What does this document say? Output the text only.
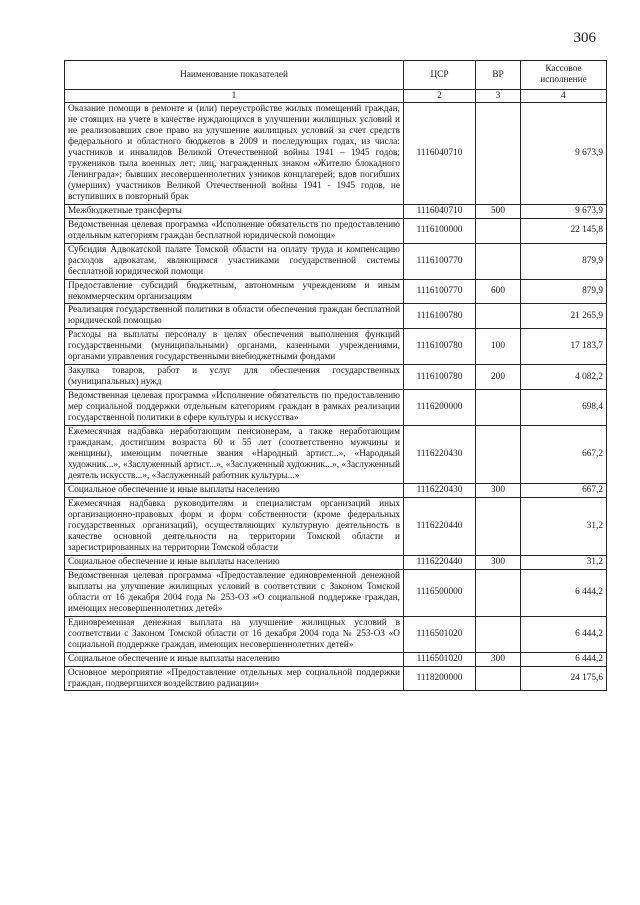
306
Наименование показателей	ЦСР	ВР	Кассовое исполнение
1	2	3	4
Оказание помощи в ремонте и (или) переустройстве жилых помещений граждан, не стоящих на учете в качестве нуждающихся в улучшении жилищных условий и не реализовавших свое право на улучшение жилищных условий за счет средств федерального и областного бюджетов в 2009 и последующих годах, из числа: участников и инвалидов Великой Отечественной войны 1941 – 1945 годов; тружеников тыла военных лет; лиц, награжденных знаком «Жителю блокадного Ленинграда»; бывших несовершеннолетних узников концлагерей; вдов погибших (умерших) участников Великой Отечественной войны 1941 - 1945 годов, не вступивших в повторный брак	1116040710		9 673,9
Межбюджетные трансферты	1116040710	500	9 673,9
Ведомственная целевая программа «Исполнение обязательств по предоставлению отдельным категориям граждан бесплатной юридической помощи»	1116100000		22 145,8
Субсидия Адвокатской палате Томской области на оплату труда и компенсацию расходов адвокатам, являющимся участниками государственной системы бесплатной юридической помощи	1116100770		879,9
Предоставление субсидий бюджетным, автономным учреждениям и иным некоммерческим организациям	1116100770	600	879,9
Реализация государственной политики в области обеспечения граждан бесплатной юридической помощью	1116100780		21 265,9
Расходы на выплаты персоналу в целях обеспечения выполнения функций государственными (муниципальными) органами, казенными учреждениями, органами управления государственными внебюджетными фондами	1116100780	100	17 183,7
Закупка товаров, работ и услуг для обеспечения государственных (муниципальных) нужд	1116100780	200	4 082,2
Ведомственная целевая программа «Исполнение обязательств по предоставлению мер социальной поддержки отдельным категориям граждан в рамках реализации государственной политики в сфере культуры и искусства»	1116200000		698,4
Ежемесячная надбавка неработающим пенсионерам, а также неработающим гражданам, достигшим возраста 60 и 55 лет (соответственно мужчины и женщины), имеющим почетные звания «Народный артист...», «Народный художник...», «Заслуженный артист...», «Заслуженный художник...», «Заслуженный деятель искусств...», «Заслуженный работник культуры...»	1116220430		667,2
Социальное обеспечение и иные выплаты населению	1116220430	300	667,2
Ежемесячная надбавка руководителям и специалистам организаций иных организационно-правовых форм и форм собственности (кроме федеральных государственных организаций), осуществляющих культурную деятельность в качестве основной деятельности на территории Томской области и зарегистрированных на территории Томской области	1116220440		31,2
Социальное обеспечение и иные выплаты населению	1116220440	300	31,2
Ведомственная целевая программа «Предоставление единовременной денежной выплаты на улучшение жилищных условий в соответствии с Законом Томской области от 16 декабря 2004 года № 253-ОЗ «О социальной поддержке граждан, имеющих несовершеннолетних детей»	1116500000		6 444,2
Единовременная денежная выплата на улучшение жилищных условий в соответствии с Законом Томской области от 16 декабря 2004 года № 253-ОЗ «О социальной поддержке граждан, имеющих несовершеннолетних детей»	1116501020		6 444,2
Социальное обеспечение и иные выплаты населению	1116501020	300	6 444,2
Основное мероприятие «Предоставление отдельных мер социальной поддержки граждан, подвергшихся воздействию радиации»	1118200000		24 175,6
